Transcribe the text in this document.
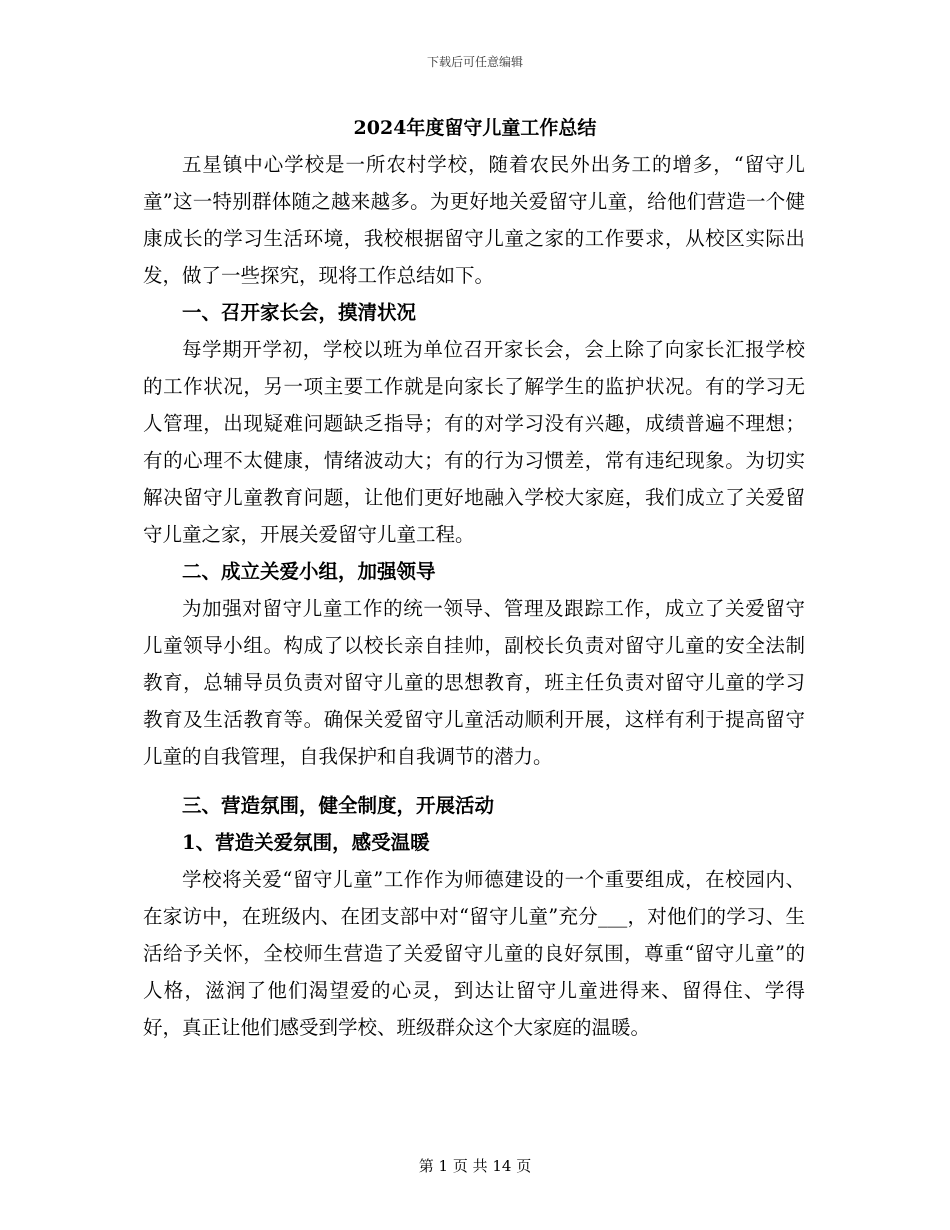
下载后可任意编辑
2024年度留守儿童工作总结

五星镇中心学校是一所农村学校，随着农民外出务工的增多，“留守儿童”这一特别群体随之越来越多。为更好地关爱留守儿童，给他们营造一个健康成长的学习生活环境，我校根据留守儿童之家的工作要求，从校区实际出发，做了一些探究，现将工作总结如下。

一、召开家长会，摸清状况

每学期开学初，学校以班为单位召开家长会，会上除了向家长汇报学校的工作状况，另一项主要工作就是向家长了解学生的监护状况。有的学习无人管理，出现疑难问题缺乏指导；有的对学习没有兴趣，成绩普遍不理想；有的心理不太健康，情绪波动大；有的行为习惯差，常有违纪现象。为切实解决留守儿童教育问题，让他们更好地融入学校大家庭，我们成立了关爱留守儿童之家，开展关爱留守儿童工程。

二、成立关爱小组，加强领导

为加强对留守儿童工作的统一领导、管理及跟踪工作，成立了关爱留守儿童领导小组。构成了以校长亲自挂帅，副校长负责对留守儿童的安全法制教育，总辅导员负责对留守儿童的思想教育，班主任负责对留守儿童的学习教育及生活教育等。确保关爱留守儿童活动顺利开展，这样有利于提高留守儿童的自我管理，自我保护和自我调节的潜力。

三、营造氛围，健全制度，开展活动

1、营造关爱氛围，感受温暖

学校将关爱“留守儿童”工作作为师德建设的一个重要组成，在校园内、在家访中，在班级内、在团支部中对“留守儿童”充分___，对他们的学习、生活给予关怀，全校师生营造了关爱留守儿童的良好氛围，尊重“留守儿童”的人格，滋润了他们渴望爱的心灵，到达让留守儿童进得来、留得住、学得好，真正让他们感受到学校、班级群众这个大家庭的温暖。

第 1 页 共 14 页
